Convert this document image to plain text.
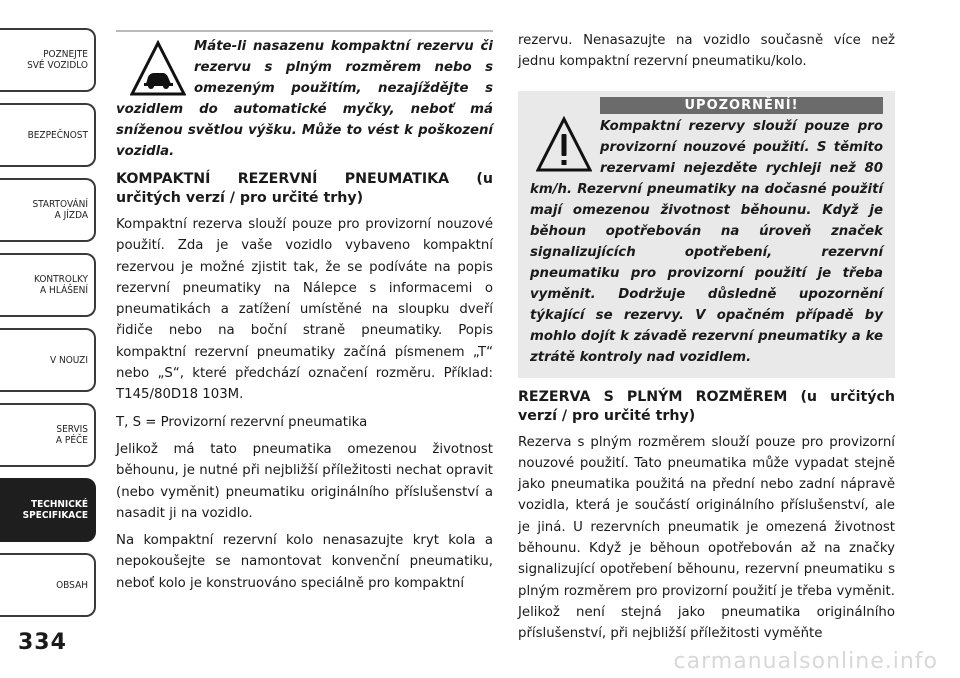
POZNEJTE
SVÉ VOZIDLO
BEZPEČNOST
STARTOVÁNÍ
A JÍZDA
KONTROLKY
A HLÁŠENÍ
V NOUZI
SERVIS
A PÉČE
TECHNICKÉ
SPECIFIKACE
OBSAH
334
Máte-li nasazenu kompaktní rezervu či rezervu s plným rozměrem nebo s omezeným použitím, nezajíždějte s vozidlem do automatické myčky, neboť má sníženou světlou výšku. Může to vést k poškození vozidla.

KOMPAKTNÍ REZERVNÍ PNEUMATIKA (u určitých verzí / pro určité trhy)

Kompaktní rezerva slouží pouze pro provizorní nouzové použití. Zda je vaše vozidlo vybaveno kompaktní rezervou je možné zjistit tak, že se podíváte na popis rezervní pneumatiky na Nálepce s informacemi o pneumatikách a zatížení umístěné na sloupku dveří řidiče nebo na boční straně pneumatiky. Popis kompaktní rezervní pneumatiky začíná písmenem „T“ nebo „S“, které předchází označení rozměru. Příklad: T145/80D18 103M.

T, S = Provizorní rezervní pneumatika

Jelikož má tato pneumatika omezenou životnost běhounu, je nutné při nejbližší příležitosti nechat opravit (nebo vyměnit) pneumatiku originálního příslušenství a nasadit ji na vozidlo.

Na kompaktní rezervní kolo nenasazujte kryt kola a nepokoušejte se namontovat konvenční pneumatiku, neboť kolo je konstruováno speciálně pro kompaktní

rezervu. Nenasazujte na vozidlo současně více než jednu kompaktní rezervní pneumatiku/kolo.

UPOZORNĚNÍ!
Kompaktní rezervy slouží pouze pro provizorní nouzové použití. S těmito rezervami nejezděte rychleji než 80 km/h. Rezervní pneumatiky na dočasné použití mají omezenou životnost běhounu. Když je běhoun opotřebován na úroveň značek signalizujících opotřebení, rezervní pneumatiku pro provizorní použití je třeba vyměnit. Dodržuje důsledně upozornění týkající se rezervy. V opačném případě by mohlo dojít k závadě rezervní pneumatiky a ke ztrátě kontroly nad vozidlem.

REZERVA S PLNÝM ROZMĚREM (u určitých verzí / pro určité trhy)

Rezerva s plným rozměrem slouží pouze pro provizorní nouzové použití. Tato pneumatika může vypadat stejně jako pneumatika použitá na přední nebo zadní nápravě vozidla, která je součástí originálního příslušenství, ale je jiná. U rezervních pneumatik je omezená životnost běhounu. Když je běhoun opotřebován až na značky signalizující opotřebení běhounu, rezervní pneumatiku s plným rozměrem pro provizorní použití je třeba vyměnit. Jelikož není stejná jako pneumatika originálního příslušenství, při nejbližší příležitosti vyměňte

carmanualsonline.info
